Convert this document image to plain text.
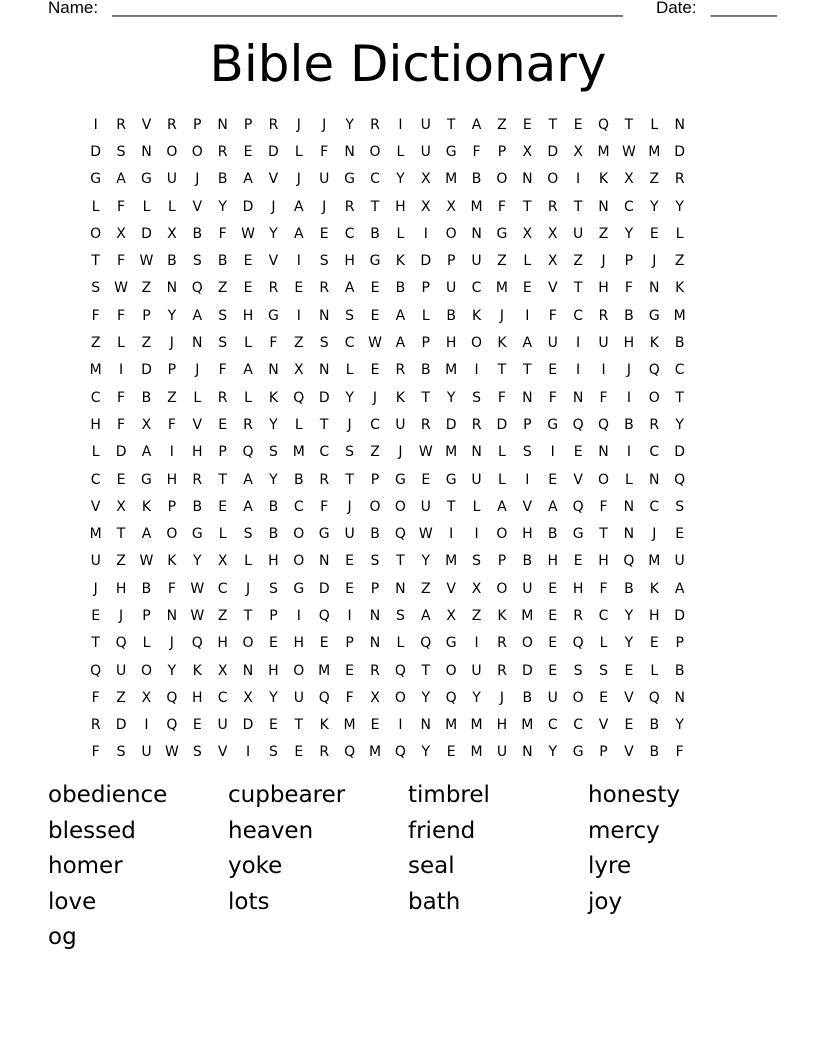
Name: ______________________________________________________ Date: _______
Bible Dictionary
I	R	V	R	P	N	P	R	J	J	Y	R	I	U	T	A	Z	E	T	E	Q	T	L	N
D	S	N	O	O	R	E	D	L	F	N	O	L	U	G	F	P	X	D	X	M W M D
G	A	G	U	J	B	A	V	J	U	G	C	Y	X	M	B	O	N	O	I	K	X	Z	R
L	F	L	L	V	Y	D	J	A	J	R	T	H	X	X	M	F	T	R	T	N	C	Y	Y
O	X	D	X	B	F	W	Y	A	E	C	B	L	I	O	N	G	X	X	U	Z	Y	E	L
T	F	W B	S	B	E	V	I	S	H	G	K	D	P	U	Z	L	X	Z	J	P	J	Z
S	W Z	N	Q	Z	E	R	E	R	A	E	B	P	U	C	M	E	V	T	H	F	N	K
F	F	P	Y	A	S	H	G	I	N	S	E	A	L	B	K	J	I	F	C	R	B	G M
Z	L	Z	J	N	S	L	F	Z	S	C W A	P	H	O	K	A	U	I	U	H	K	B
M	I	D	P	J	F	A	N	X	N	L	E	R	B	M	I	T	T	E	I	I	J	Q	C
C	F	B	Z	L	R	L	K	Q	D	Y	J	K	T	Y	S	F	N	F	N	F	I	O	T
H	F	X	F	V	E	R	Y	L	T	J	C	U	R	D	R	D	P	G	Q	Q	B	R	Y
L	D	A	I	H	P	Q	S	M	C	S	Z	J	W M	N	L	S	I	E	N	I	C	D
C	E	G	H	R	T	A	Y	B	R	T	P	G	E	G	U	L	I	E	V	O	L	N	Q
V	X	K	P	B	E	A	B	C	F	J	O	O	U	T	L	A	V	A	Q	F	N	C	S
M	T	A	O	G	L	S	B	O	G	U	B	Q W	I	I	O	H	B	G	T	N	J	E
U	Z W K	Y	X	L	H	O	N	E	S	T	Y	M	S	P	B	H	E	H	Q M	U
J	H	B	F	W C	J	S	G	D	E	P	N	Z	V	X	O	U	E	H	F	B	K	A
E	J	P	N W Z	T	P	I	Q	I	N	S	A	X	Z	K	M	E	R	C	Y	H	D
T	Q	L	J	Q	H	O	E	H	E	P	N	L	Q	G	I	R	O	E	Q	L	Y	E	P
Q	U	O	Y	K	X	N	H	O M	E	R	Q	T	O	U	R	D	E	S	S	E	L	B
F	Z	X	Q	H	C	X	Y	U	Q	F	X	O	Y	Q	Y	J	B	U	O	E	V	Q	N
R	D	I	Q	E	U	D	E	T	K	M	E	I	N	M M	H	M	C	C	V	E	B	Y
F	S	U W	S	V	I	S	E	R	Q M Q	Y	E	M	U	N	Y	G	P	V	B	F
obedience	cupbearer	timbrel	honesty
blessed	heaven	friend	mercy
homer	yoke	seal	lyre
love	lots	bath	joy
og
